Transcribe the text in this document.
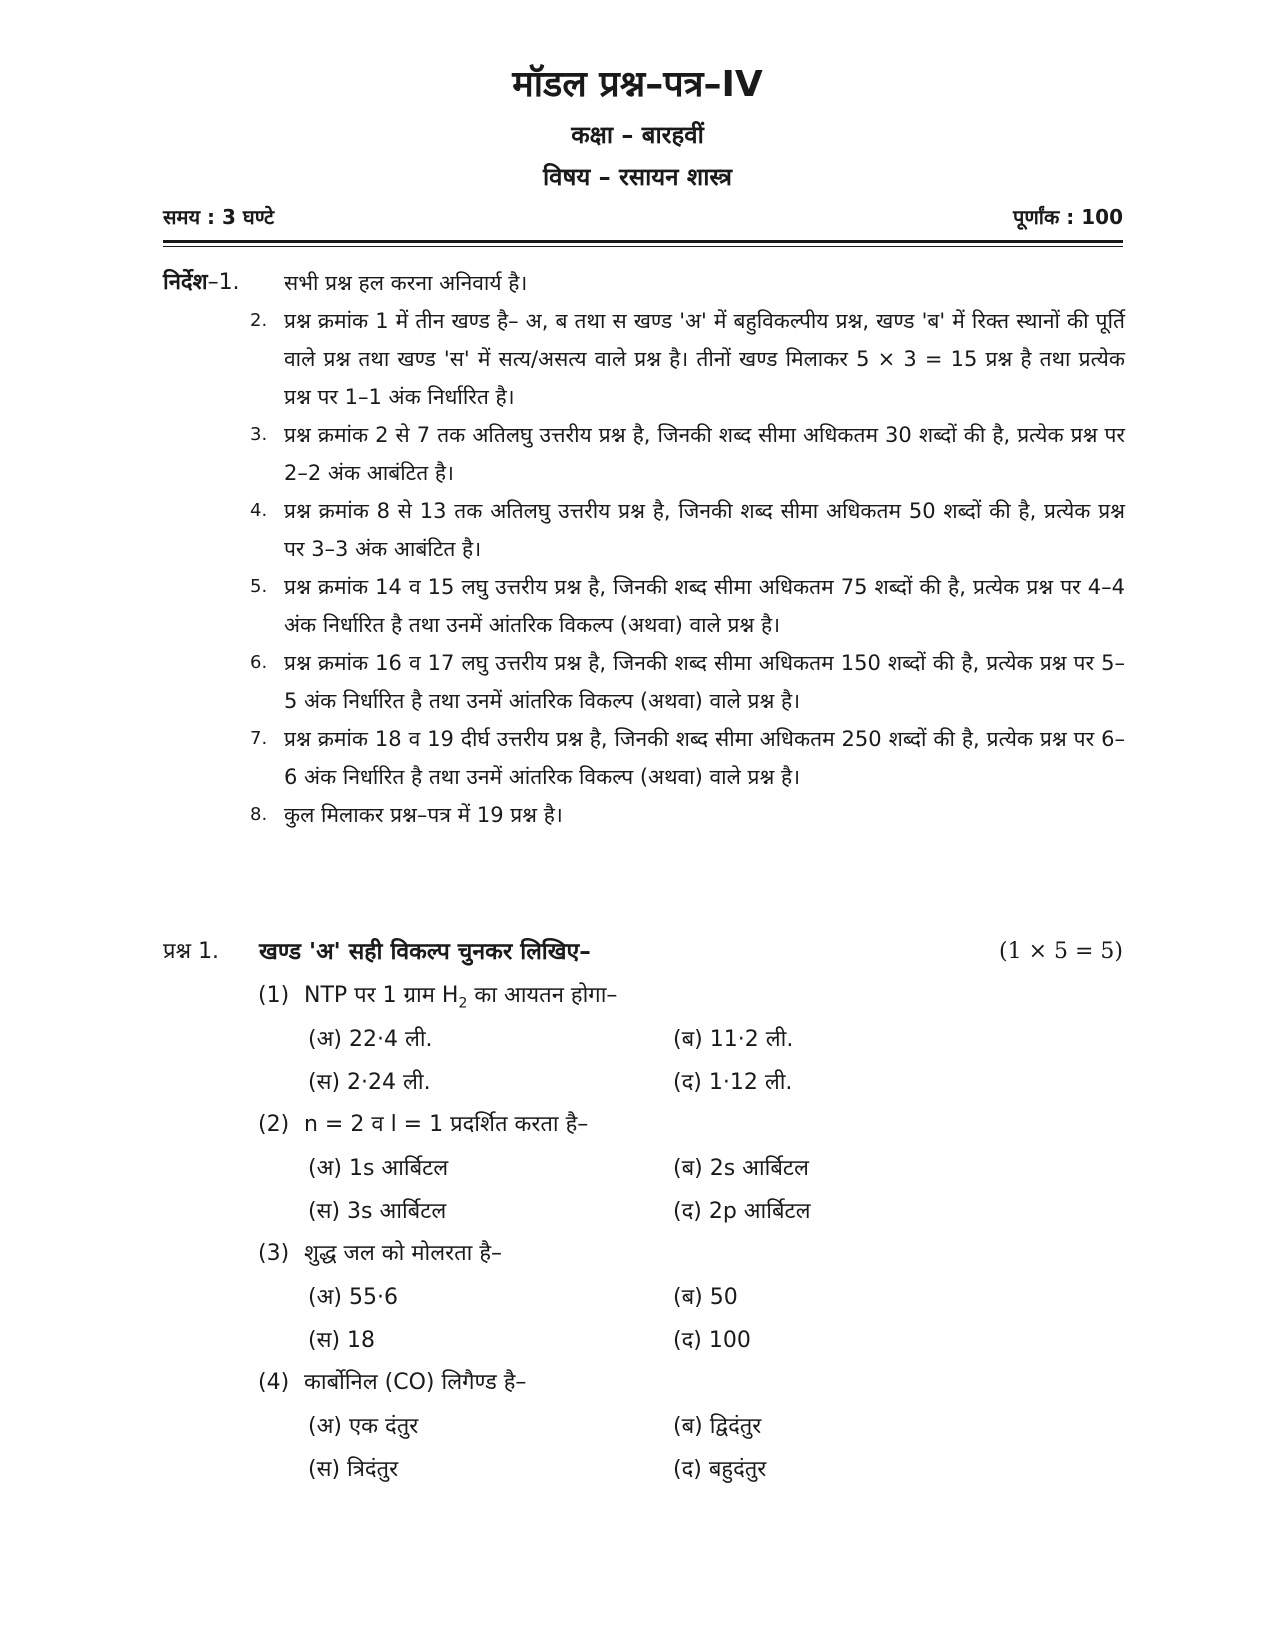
मॉडल प्रश्न–पत्र–IV
कक्षा – बारहवीं
विषय – रसायन शास्त्र
समय : 3 घण्टे	पूर्णांक : 100
निर्देश–1. सभी प्रश्न हल करना अनिवार्य है।
2. प्रश्न क्रमांक 1 में तीन खण्ड है– अ, ब तथा स खण्ड 'अ' में बहुविकल्पीय प्रश्न, खण्ड 'ब' में रिक्त स्थानों की पूर्ति वाले प्रश्न तथा खण्ड 'स' में सत्य/असत्य वाले प्रश्न है। तीनों खण्ड मिलाकर 5 × 3 = 15 प्रश्न है तथा प्रत्येक प्रश्न पर 1–1 अंक निर्धारित है।
3. प्रश्न क्रमांक 2 से 7 तक अतिलघु उत्तरीय प्रश्न है, जिनकी शब्द सीमा अधिकतम 30 शब्दों की है, प्रत्येक प्रश्न पर 2–2 अंक आबंटित है।
4. प्रश्न क्रमांक 8 से 13 तक अतिलघु उत्तरीय प्रश्न है, जिनकी शब्द सीमा अधिकतम 50 शब्दों की है, प्रत्येक प्रश्न पर 3–3 अंक आबंटित है।
5. प्रश्न क्रमांक 14 व 15 लघु उत्तरीय प्रश्न है, जिनकी शब्द सीमा अधिकतम 75 शब्दों की है, प्रत्येक प्रश्न पर 4–4 अंक निर्धारित है तथा उनमें आंतरिक विकल्प (अथवा) वाले प्रश्न है।
6. प्रश्न क्रमांक 16 व 17 लघु उत्तरीय प्रश्न है, जिनकी शब्द सीमा अधिकतम 150 शब्दों की है, प्रत्येक प्रश्न पर 5–5 अंक निर्धारित है तथा उनमें आंतरिक विकल्प (अथवा) वाले प्रश्न है।
7. प्रश्न क्रमांक 18 व 19 दीर्घ उत्तरीय प्रश्न है, जिनकी शब्द सीमा अधिकतम 250 शब्दों की है, प्रत्येक प्रश्न पर 6–6 अंक निर्धारित है तथा उनमें आंतरिक विकल्प (अथवा) वाले प्रश्न है।
8. कुल मिलाकर प्रश्न–पत्र में 19 प्रश्न है।
प्रश्न 1. खण्ड 'अ' सही विकल्प चुनकर लिखिए–	(1 × 5 = 5)
(1) NTP पर 1 ग्राम $H_2$ का आयतन होगा–
(अ) 22·4 ली.	(ब) 11·2 ली.
(स) 2·24 ली.	(द) 1·12 ली.
(2) n = 2 व l = 1 प्रदर्शित करता है–
(अ) 1s आर्बिटल	(ब) 2s आर्बिटल
(स) 3s आर्बिटल	(द) 2p आर्बिटल
(3) शुद्ध जल को मोलरता है–
(अ) 55·6	(ब) 50
(स) 18	(द) 100
(4) कार्बोनिल (CO) लिगैण्ड है–
(अ) एक दंतुर	(ब) द्विदंतुर
(स) त्रिदंतुर	(द) बहुदंतुर
